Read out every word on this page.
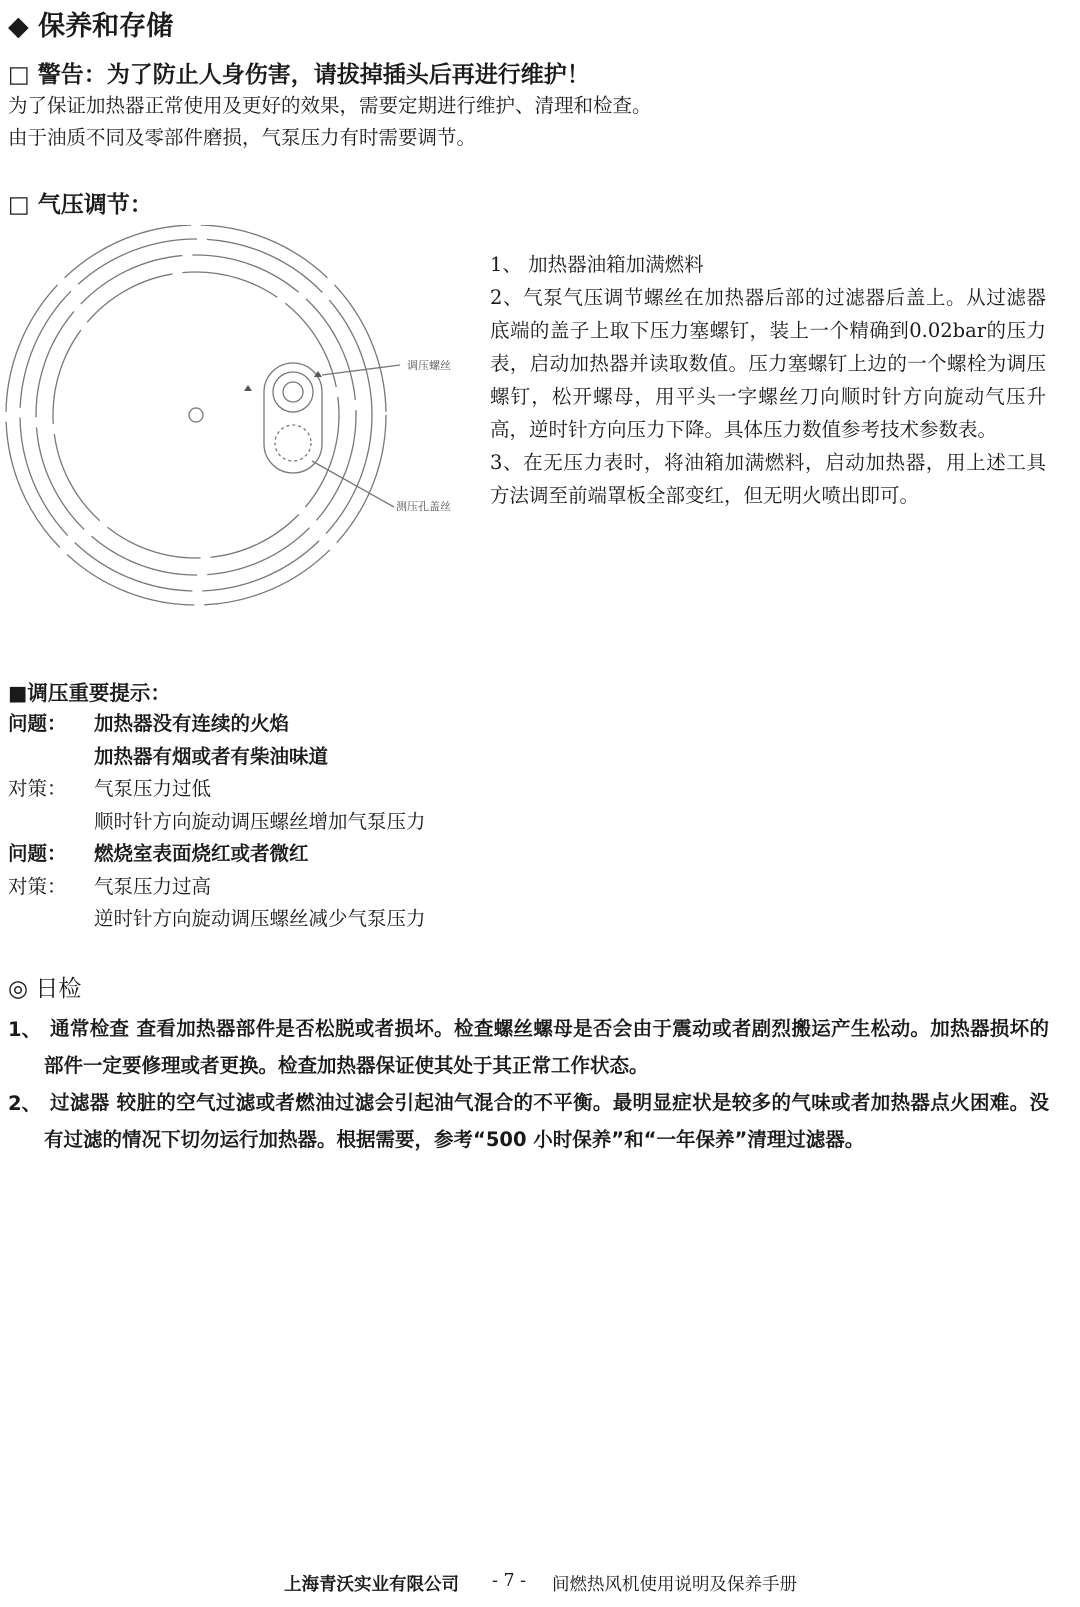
◆ 保养和存储
□ 警告：为了防止人身伤害，请拔掉插头后再进行维护！
为了保证加热器正常使用及更好的效果，需要定期进行维护、清理和检查。
由于油质不同及零部件磨损，气泵压力有时需要调节。
□ 气压调节：
调压螺丝
测压孔盖丝

1、 加热器油箱加满燃料

2、气泵气压调节螺丝在加热器后部的过滤器后盖上。从过滤器底端的盖子上取下压力塞螺钉，装上一个精确到0.02bar的压力表，启动加热器并读取数值。压力塞螺钉上边的一个螺栓为调压螺钉，松开螺母，用平头一字螺丝刀向顺时针方向旋动气压升高，逆时针方向压力下降。具体压力数值参考技术参数表。

3、在无压力表时，将油箱加满燃料，启动加热器，用上述工具方法调至前端罩板全部变红，但无明火喷出即可。

■调压重要提示：
问题： 加热器没有连续的火焰
加热器有烟或者有柴油味道
对策： 气泵压力过低
顺时针方向旋动调压螺丝增加气泵压力
问题： 燃烧室表面烧红或者微红
对策： 气泵压力过高
逆时针方向旋动调压螺丝减少气泵压力
◎ 日检
1、 通常检查 查看加热器部件是否松脱或者损坏。检查螺丝螺母是否会由于震动或者剧烈搬运产生松动。加热器损坏的部件一定要修理或者更换。检查加热器保证使其处于其正常工作状态。
2、 过滤器 较脏的空气过滤或者燃油过滤会引起油气混合的不平衡。最明显症状是较多的气味或者加热器点火困难。没有过滤的情况下切勿运行加热器。根据需要，参考“500 小时保养”和“一年保养”清理过滤器。
上海青沃实业有限公司 - 7 - 间燃热风机使用说明及保养手册
